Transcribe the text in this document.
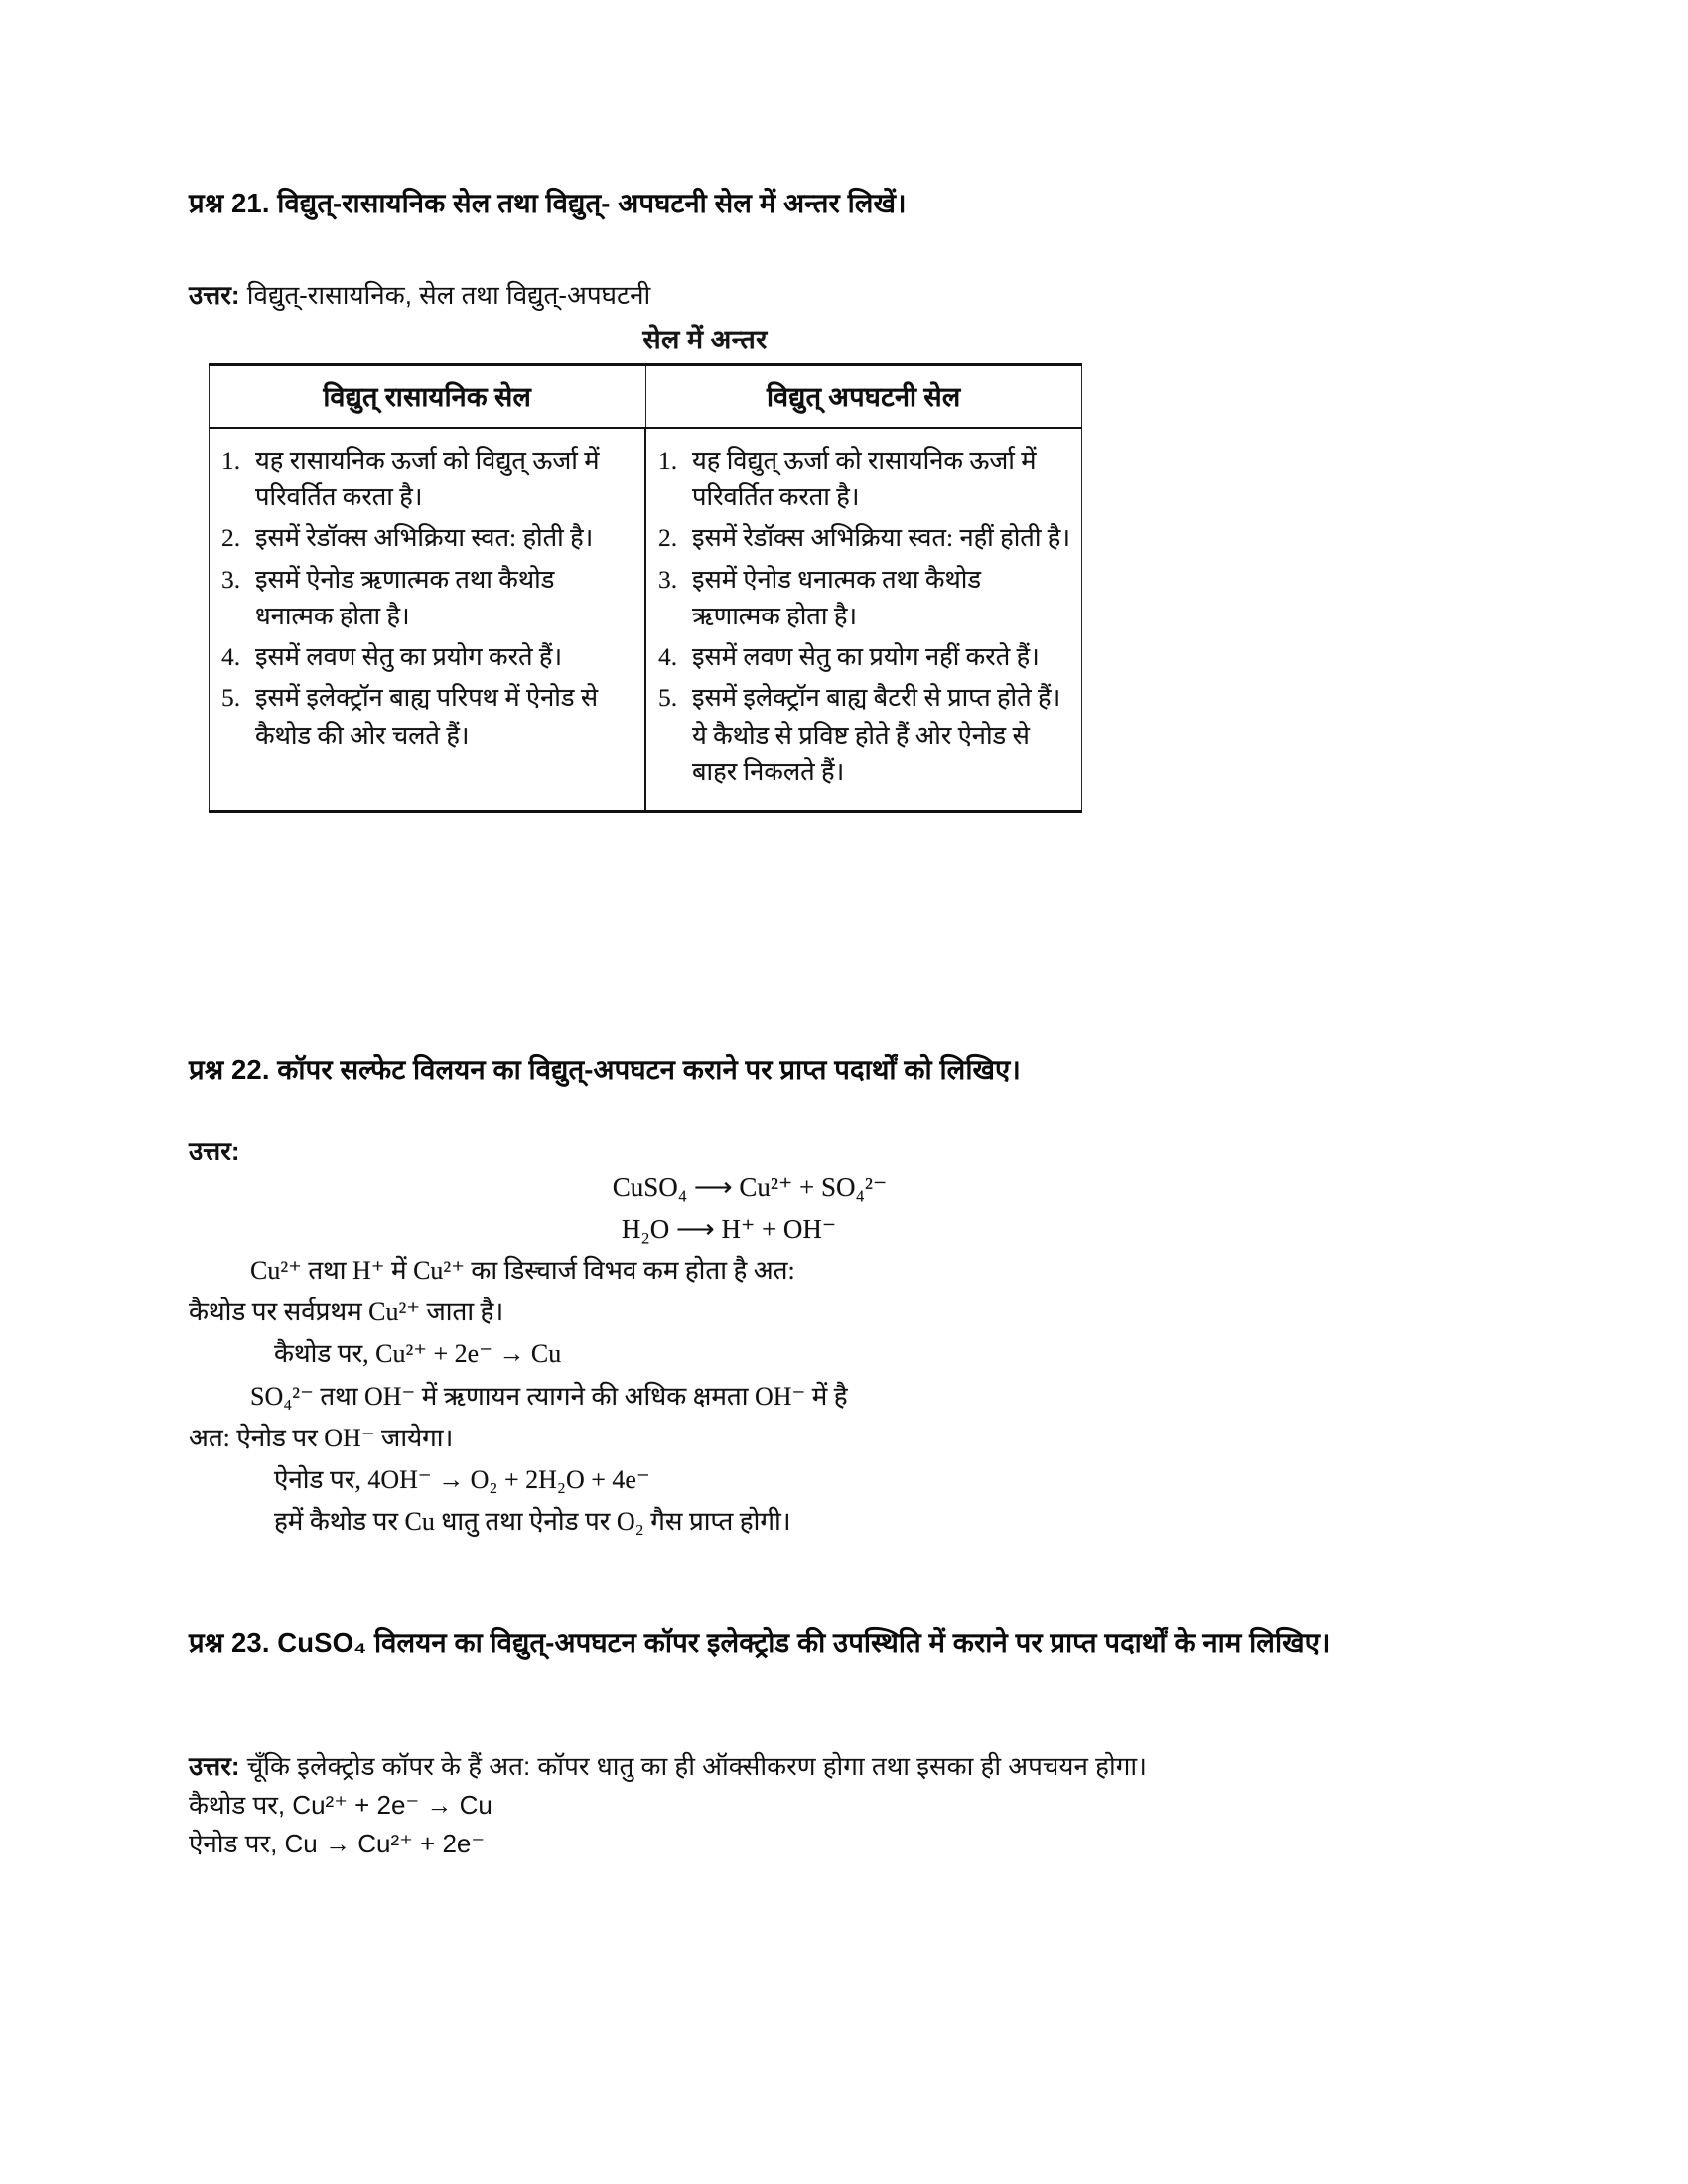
प्रश्न 21. विद्युत्-रासायनिक सेल तथा विद्युत्- अपघटनी सेल में अन्तर लिखें।
उत्तर: विद्युत्-रासायनिक, सेल तथा विद्युत्-अपघटनी
सेल में अन्तर
विद्युत् रासायनिक सेल	विद्युत् अपघटनी सेल

1. यह रासायनिक ऊर्जा को विद्युत् ऊर्जा में परिवर्तित करता है।
2. इसमें रेडॉक्स अभिक्रिया स्वत: होती है।
3. इसमें ऐनोड ऋणात्मक तथा कैथोड धनात्मक होता है।
4. इसमें लवण सेतु का प्रयोग करते हैं।
5. इसमें इलेक्ट्रॉन बाह्य परिपथ में ऐनोड से कैथोड की ओर चलते हैं।

1. यह विद्युत् ऊर्जा को रासायनिक ऊर्जा में परिवर्तित करता है।
2. इसमें रेडॉक्स अभिक्रिया स्वत: नहीं होती है।
3. इसमें ऐनोड धनात्मक तथा कैथोड ऋणात्मक होता है।
4. इसमें लवण सेतु का प्रयोग नहीं करते हैं।
5. इसमें इलेक्ट्रॉन बाह्य बैटरी से प्राप्त होते हैं। ये कैथोड से प्रविष्ट होते हैं ओर ऐनोड से बाहर निकलते हैं।
प्रश्न 22. कॉपर सल्फेट विलयन का विद्युत्-अपघटन कराने पर प्राप्त पदार्थों को लिखिए।
उत्तर:
CuSO₄ ⟶ Cu²⁺ + SO₄²⁻
H₂O ⟶ H⁺ + OH⁻
Cu²⁺ तथा H⁺ में Cu²⁺ का डिस्चार्ज विभव कम होता है अत:
कैथोड पर सर्वप्रथम Cu²⁺ जाता है।
कैथोड पर, Cu²⁺ + 2e⁻ → Cu
SO₄²⁻ तथा OH⁻ में ऋणायन त्यागने की अधिक क्षमता OH⁻ में है
अत: ऐनोड पर OH⁻ जायेगा।
ऐनोड पर, 4OH⁻ → O₂ + 2H₂O + 4e⁻
हमें कैथोड पर Cu धातु तथा ऐनोड पर O₂ गैस प्राप्त होगी।
प्रश्न 23. CuSO₄ विलयन का विद्युत्-अपघटन कॉपर इलेक्ट्रोड की उपस्थिति में कराने पर प्राप्त पदार्थों के नाम लिखिए।
उत्तर: चूँकि इलेक्ट्रोड कॉपर के हैं अत: कॉपर धातु का ही ऑक्सीकरण होगा तथा इसका ही अपचयन होगा।
कैथोड पर, Cu²⁺ + 2e⁻ → Cu
ऐनोड पर, Cu → Cu²⁺ + 2e⁻
